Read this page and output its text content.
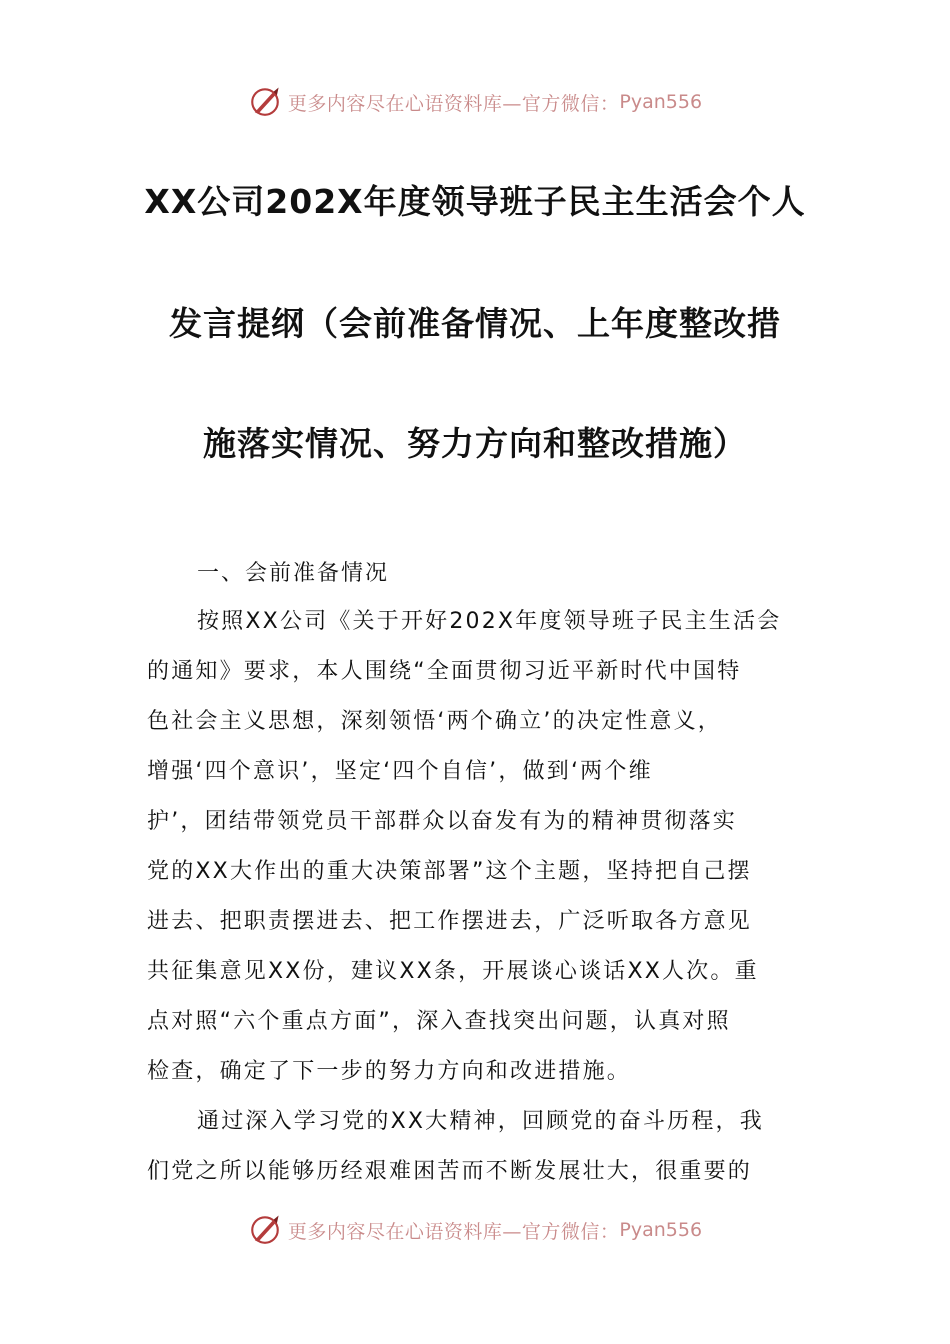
更多内容尽在心语资料库—官方微信： Pyan556
XX公司202X年度领导班子民主生活会个人
发言提纲（会前准备情况、上年度整改措
施落实情况、努力方向和整改措施）
一、会前准备情况
按照XX公司《关于开好202X年度领导班子民主生活会
的通知》要求，本人围绕“全面贯彻习近平新时代中国特
色社会主义思想，深刻领悟‘两个确立’的决定性意义，
增强‘四个意识’，坚定‘四个自信’，做到‘两个维
护’，团结带领党员干部群众以奋发有为的精神贯彻落实
党的XX大作出的重大决策部署”这个主题，坚持把自己摆
进去、把职责摆进去、把工作摆进去，广泛听取各方意见
共征集意见XX份，建议XX条，开展谈心谈话XX人次。重
点对照“六个重点方面”，深入查找突出问题，认真对照
检查，确定了下一步的努力方向和改进措施。
通过深入学习党的XX大精神，回顾党的奋斗历程，我
们党之所以能够历经艰难困苦而不断发展壮大，很重要的
更多内容尽在心语资料库—官方微信： Pyan556
